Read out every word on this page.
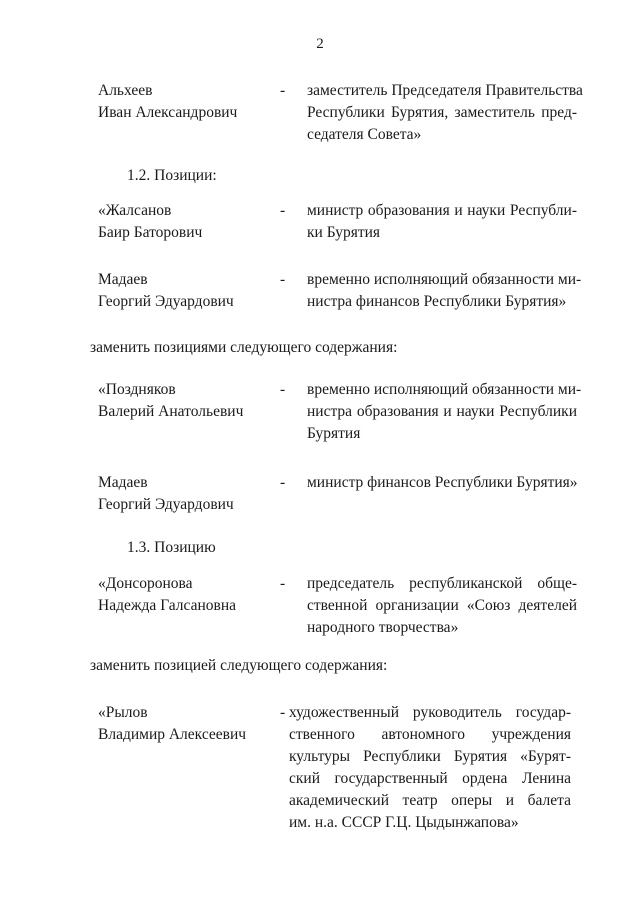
2
Альхеев
Иван Александрович
- заместитель Председателя Правительства
Республики Бурятия, заместитель пред-
седателя Совета»
1.2. Позиции:
«Жалсанов
Баир Баторович
- министр образования и науки Республи-
ки Бурятия
Мадаев
Георгий Эдуардович
- временно исполняющий обязанности ми-
нистра финансов Республики Бурятия»
заменить позициями следующего содержания:
«Поздняков
Валерий Анатольевич
- временно исполняющий обязанности ми-
нистра образования и науки Республики
Бурятия
Мадаев
Георгий Эдуардович
- министр финансов Республики Бурятия»
1.3. Позицию
«Донсоронова
Надежда Галсановна
- председатель республиканской обще-
ственной организации «Союз деятелей
народного творчества»
заменить позицией следующего содержания:
«Рылов
Владимир Алексеевич
- художественный руководитель государ-
ственного автономного учреждения
культуры Республики Бурятия «Бурят-
ский государственный ордена Ленина
академический театр оперы и балета
им. н.а. СССР Г.Ц. Цыдынжапова»
